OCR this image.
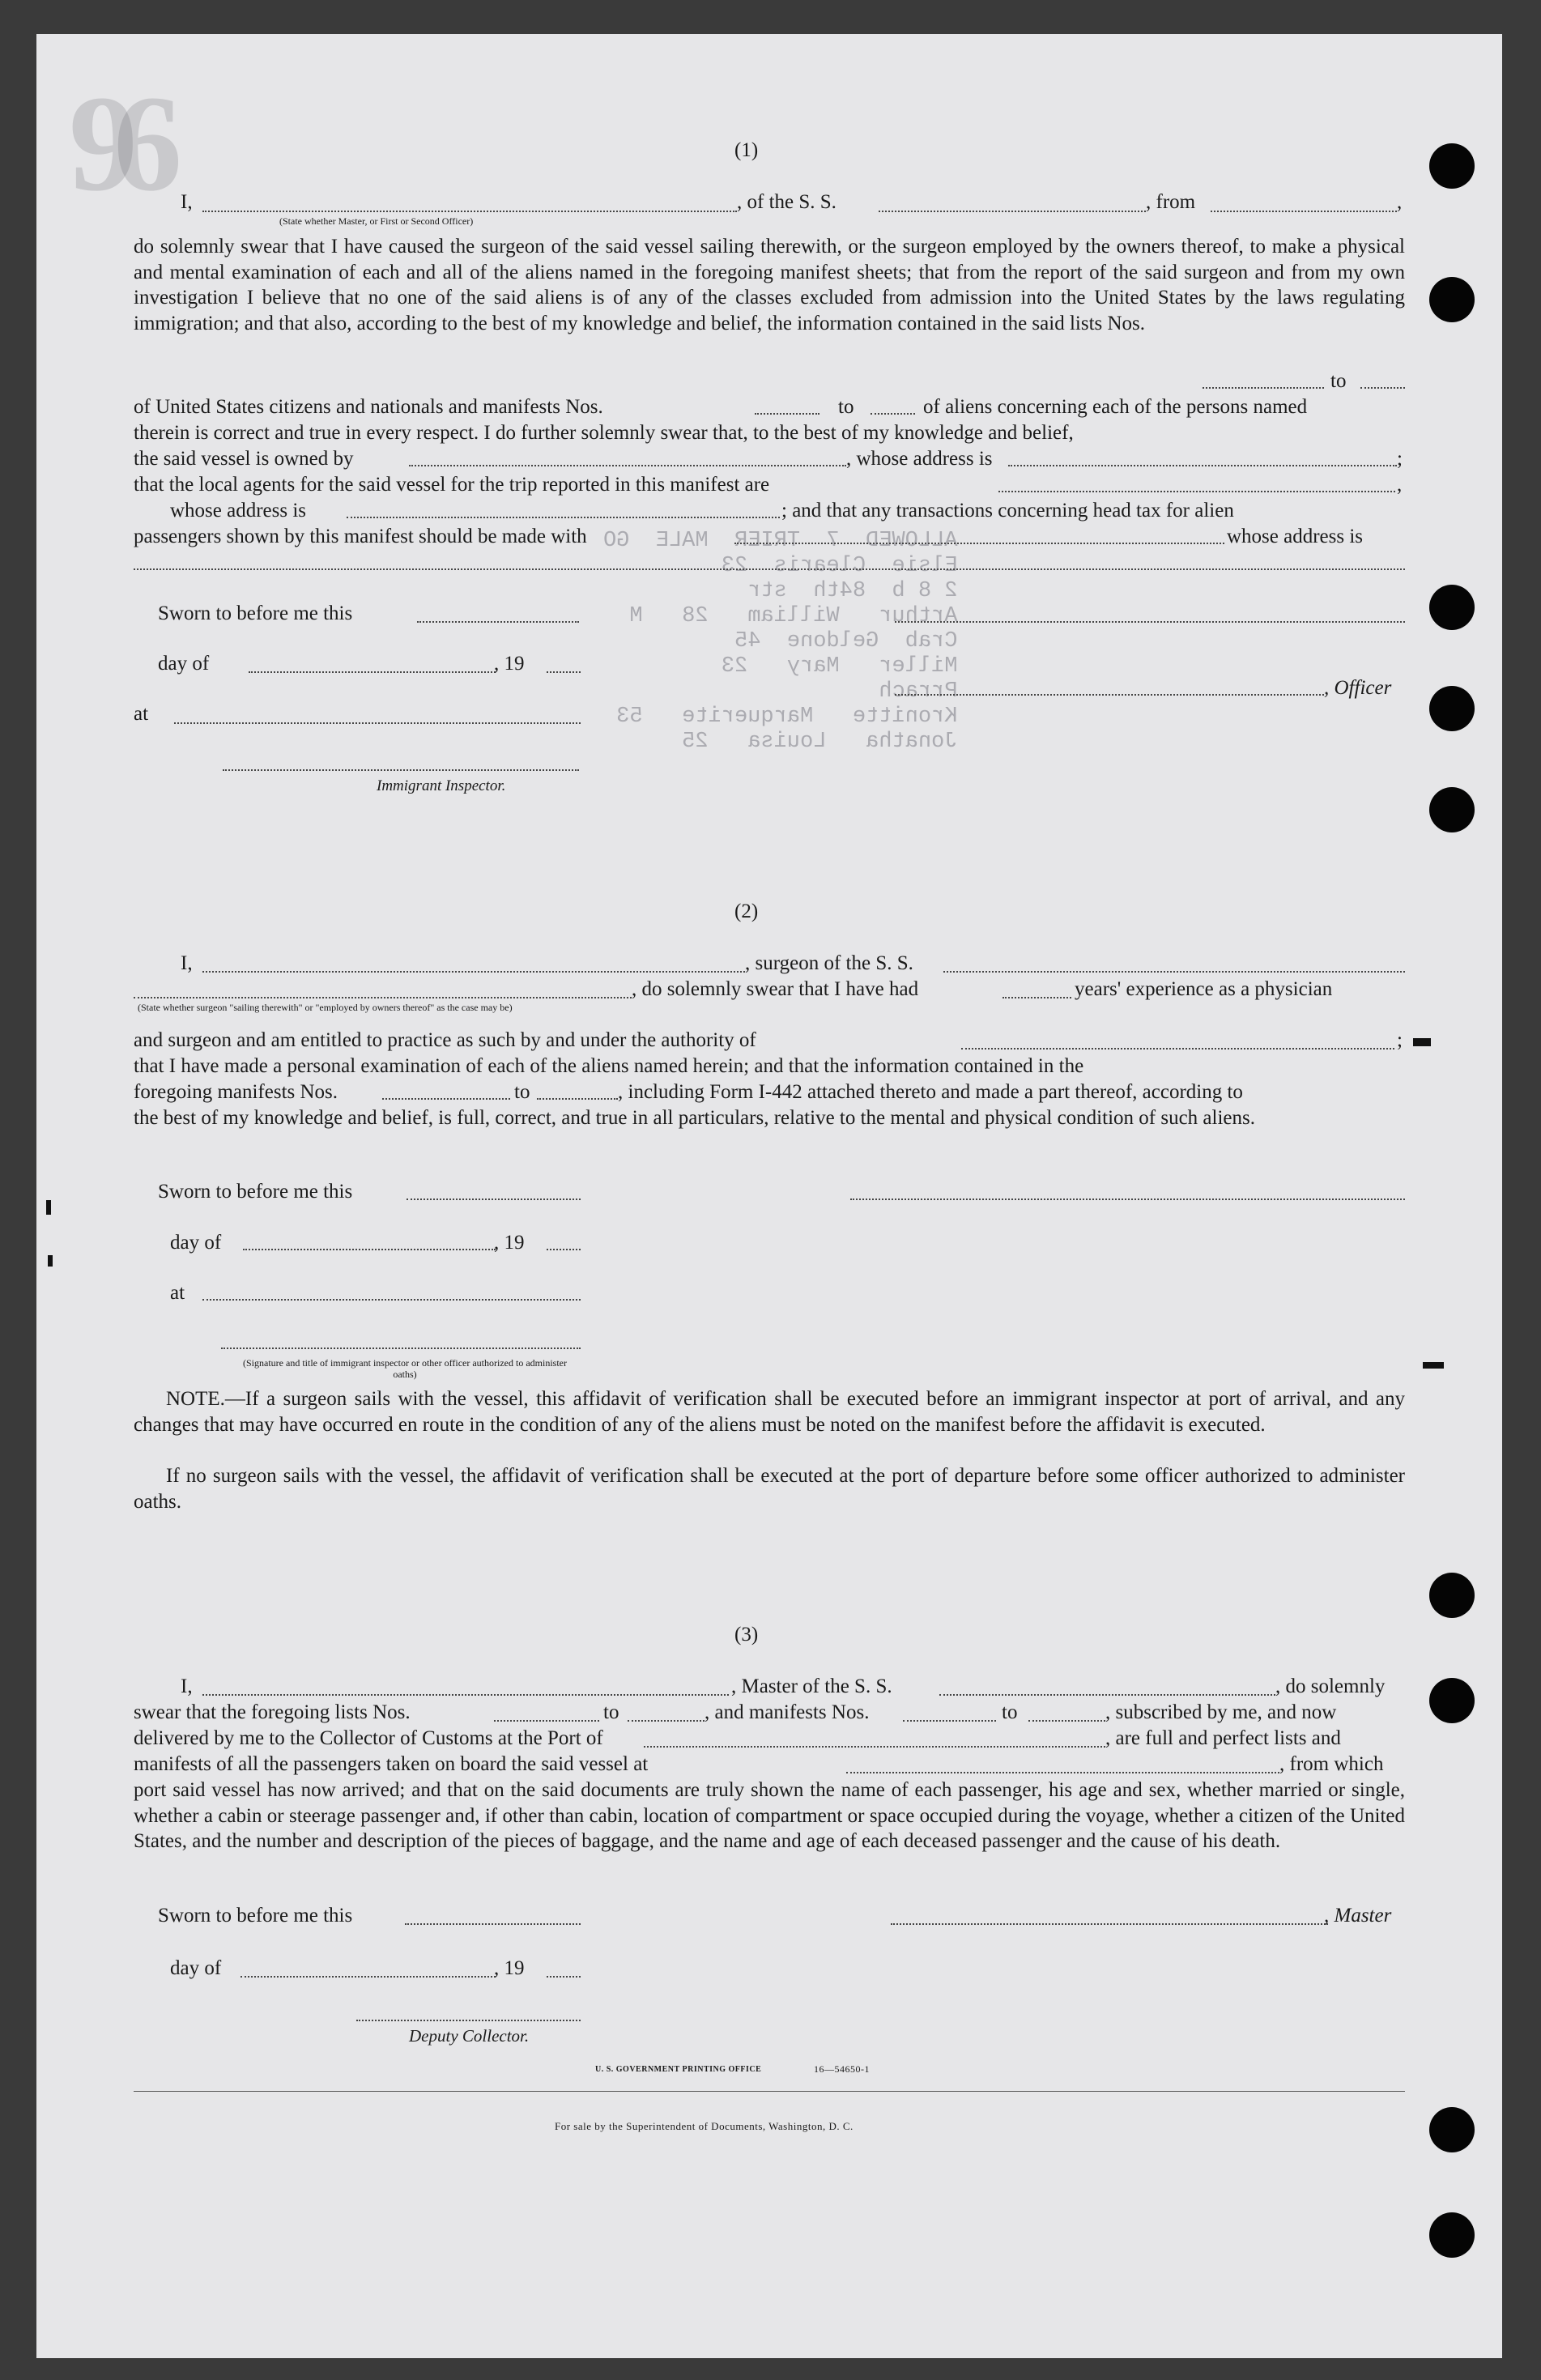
96

ALLOWED  7  TRIER  MALE  GO
Elsie  Clearis  23
2 8 b  84th  str
Arthur   William   28   M
Crab  Geldone  45
Miller   Mary   23
Prrach
Kronitte   Marquerite   53
Jonatha   Louisa   25

(1)
I,	, of the S. S.	, from	,
(State whether Master, or First or Second Officer)
do solemnly swear that I have caused the surgeon of the said vessel sailing therewith, or the surgeon employed by the owners thereof, to make a physical and mental examination of each and all of the aliens named in the foregoing manifest sheets; that from the report of the said surgeon and from my own investigation I believe that no one of the said aliens is of any of the classes excluded from admission into the United States by the laws regulating immigration; and that also, according to the best of my knowledge and belief, the information contained in the said lists Nos.
to
of United States citizens and nationals and manifests Nos.	to	of aliens concerning each of the persons named
therein is correct and true in every respect. I do further solemnly swear that, to the best of my knowledge and belief,
the said vessel is owned by	, whose address is	;
that the local agents for the said vessel for the trip reported in this manifest are	,
whose address is	; and that any transactions concerning head tax for alien
passengers shown by this manifest should be made with	whose address is
Sworn to before me this
day of	, 19
, Officer
at
Immigrant Inspector.
(2)
I,	, surgeon of the S. S.
, do solemnly swear that I have had	years' experience as a physician
(State whether surgeon "sailing therewith" or "employed by owners thereof" as the case may be)
and surgeon and am entitled to practice as such by and under the authority of	;
that I have made a personal examination of each of the aliens named herein; and that the information contained in the
foregoing manifests Nos.	to	, including Form I-442 attached thereto and made a part thereof, according to
the best of my knowledge and belief, is full, correct, and true in all particulars, relative to the mental and physical condition of such aliens.
Sworn to before me this
day of	, 19
at
(Signature and title of immigrant inspector or other officer authorized to administer oaths)
NOTE.—If a surgeon sails with the vessel, this affidavit of verification shall be executed before an immigrant inspector at port of arrival, and any changes that may have occurred en route in the condition of any of the aliens must be noted on the manifest before the affidavit is executed.
If no surgeon sails with the vessel, the affidavit of verification shall be executed at the port of departure before some officer authorized to administer oaths.
(3)
I,	, Master of the S. S.	, do solemnly
swear that the foregoing lists Nos.	to	, and manifests Nos.	to	, subscribed by me, and now
delivered by me to the Collector of Customs at the Port of	, are full and perfect lists and
manifests of all the passengers taken on board the said vessel at	, from which
port said vessel has now arrived; and that on the said documents are truly shown the name of each passenger, his age and sex, whether married or single, whether a cabin or steerage passenger and, if other than cabin, location of compartment or space occupied during the voyage, whether a citizen of the United States, and the number and description of the pieces of baggage, and the name and age of each deceased passenger and the cause of his death.
Sworn to before me this	, Master
day of	, 19
Deputy Collector.
U. S. GOVERNMENT PRINTING OFFICE	16—54650-1
For sale by the Superintendent of Documents, Washington, D. C.
